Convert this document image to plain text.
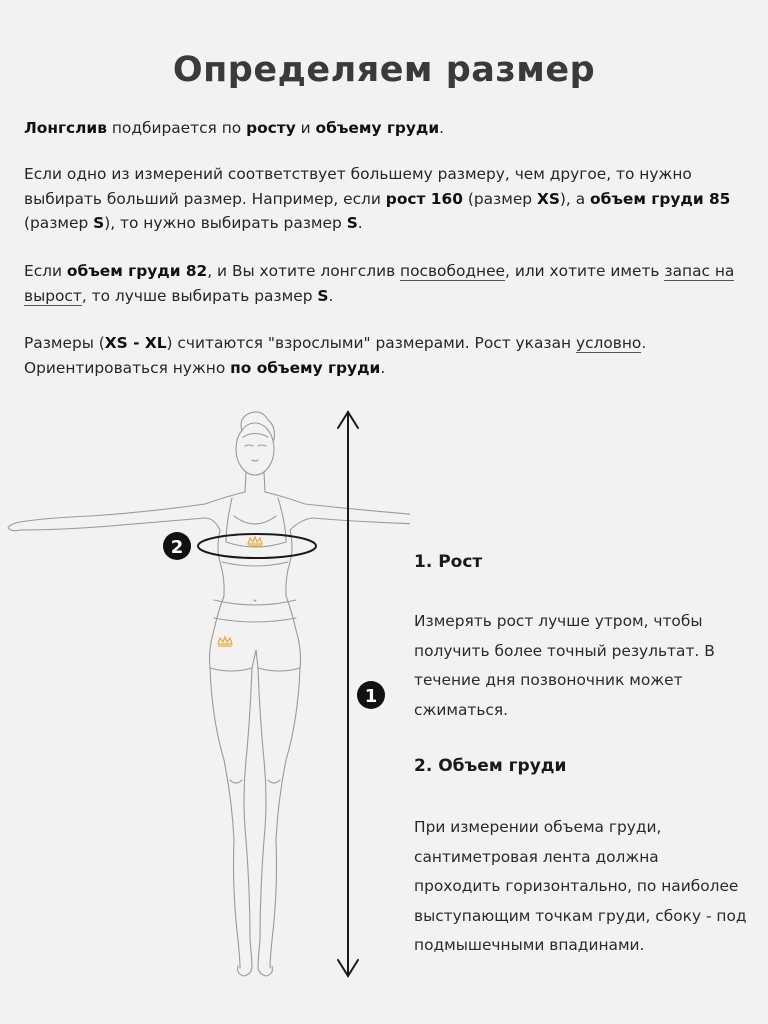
Определяем размер
Лонгслив подбирается по росту и объему груди.
Если одно из измерений соответствует большему размеру, чем другое, то нужно выбирать больший размер. Например, если рост 160 (размер XS), а объем груди 85 (размер S), то нужно выбирать размер S.
Если объем груди 82, и Вы хотите лонгслив посвободнее, или хотите иметь запас на вырост, то лучше выбирать размер S.
Размеры (XS - XL) считаются "взрослыми" размерами. Рост указан условно. Ориентироваться нужно по объему груди.
2
1
1. Рост
Измерять рост лучше утром, чтобы получить более точный результат. В течение дня позвоночник может сжиматься.
2. Объем груди
При измерении объема груди, сантиметровая лента должна проходить горизонтально, по наиболее выступающим точкам груди, сбоку - под подмышечными впадинами.
